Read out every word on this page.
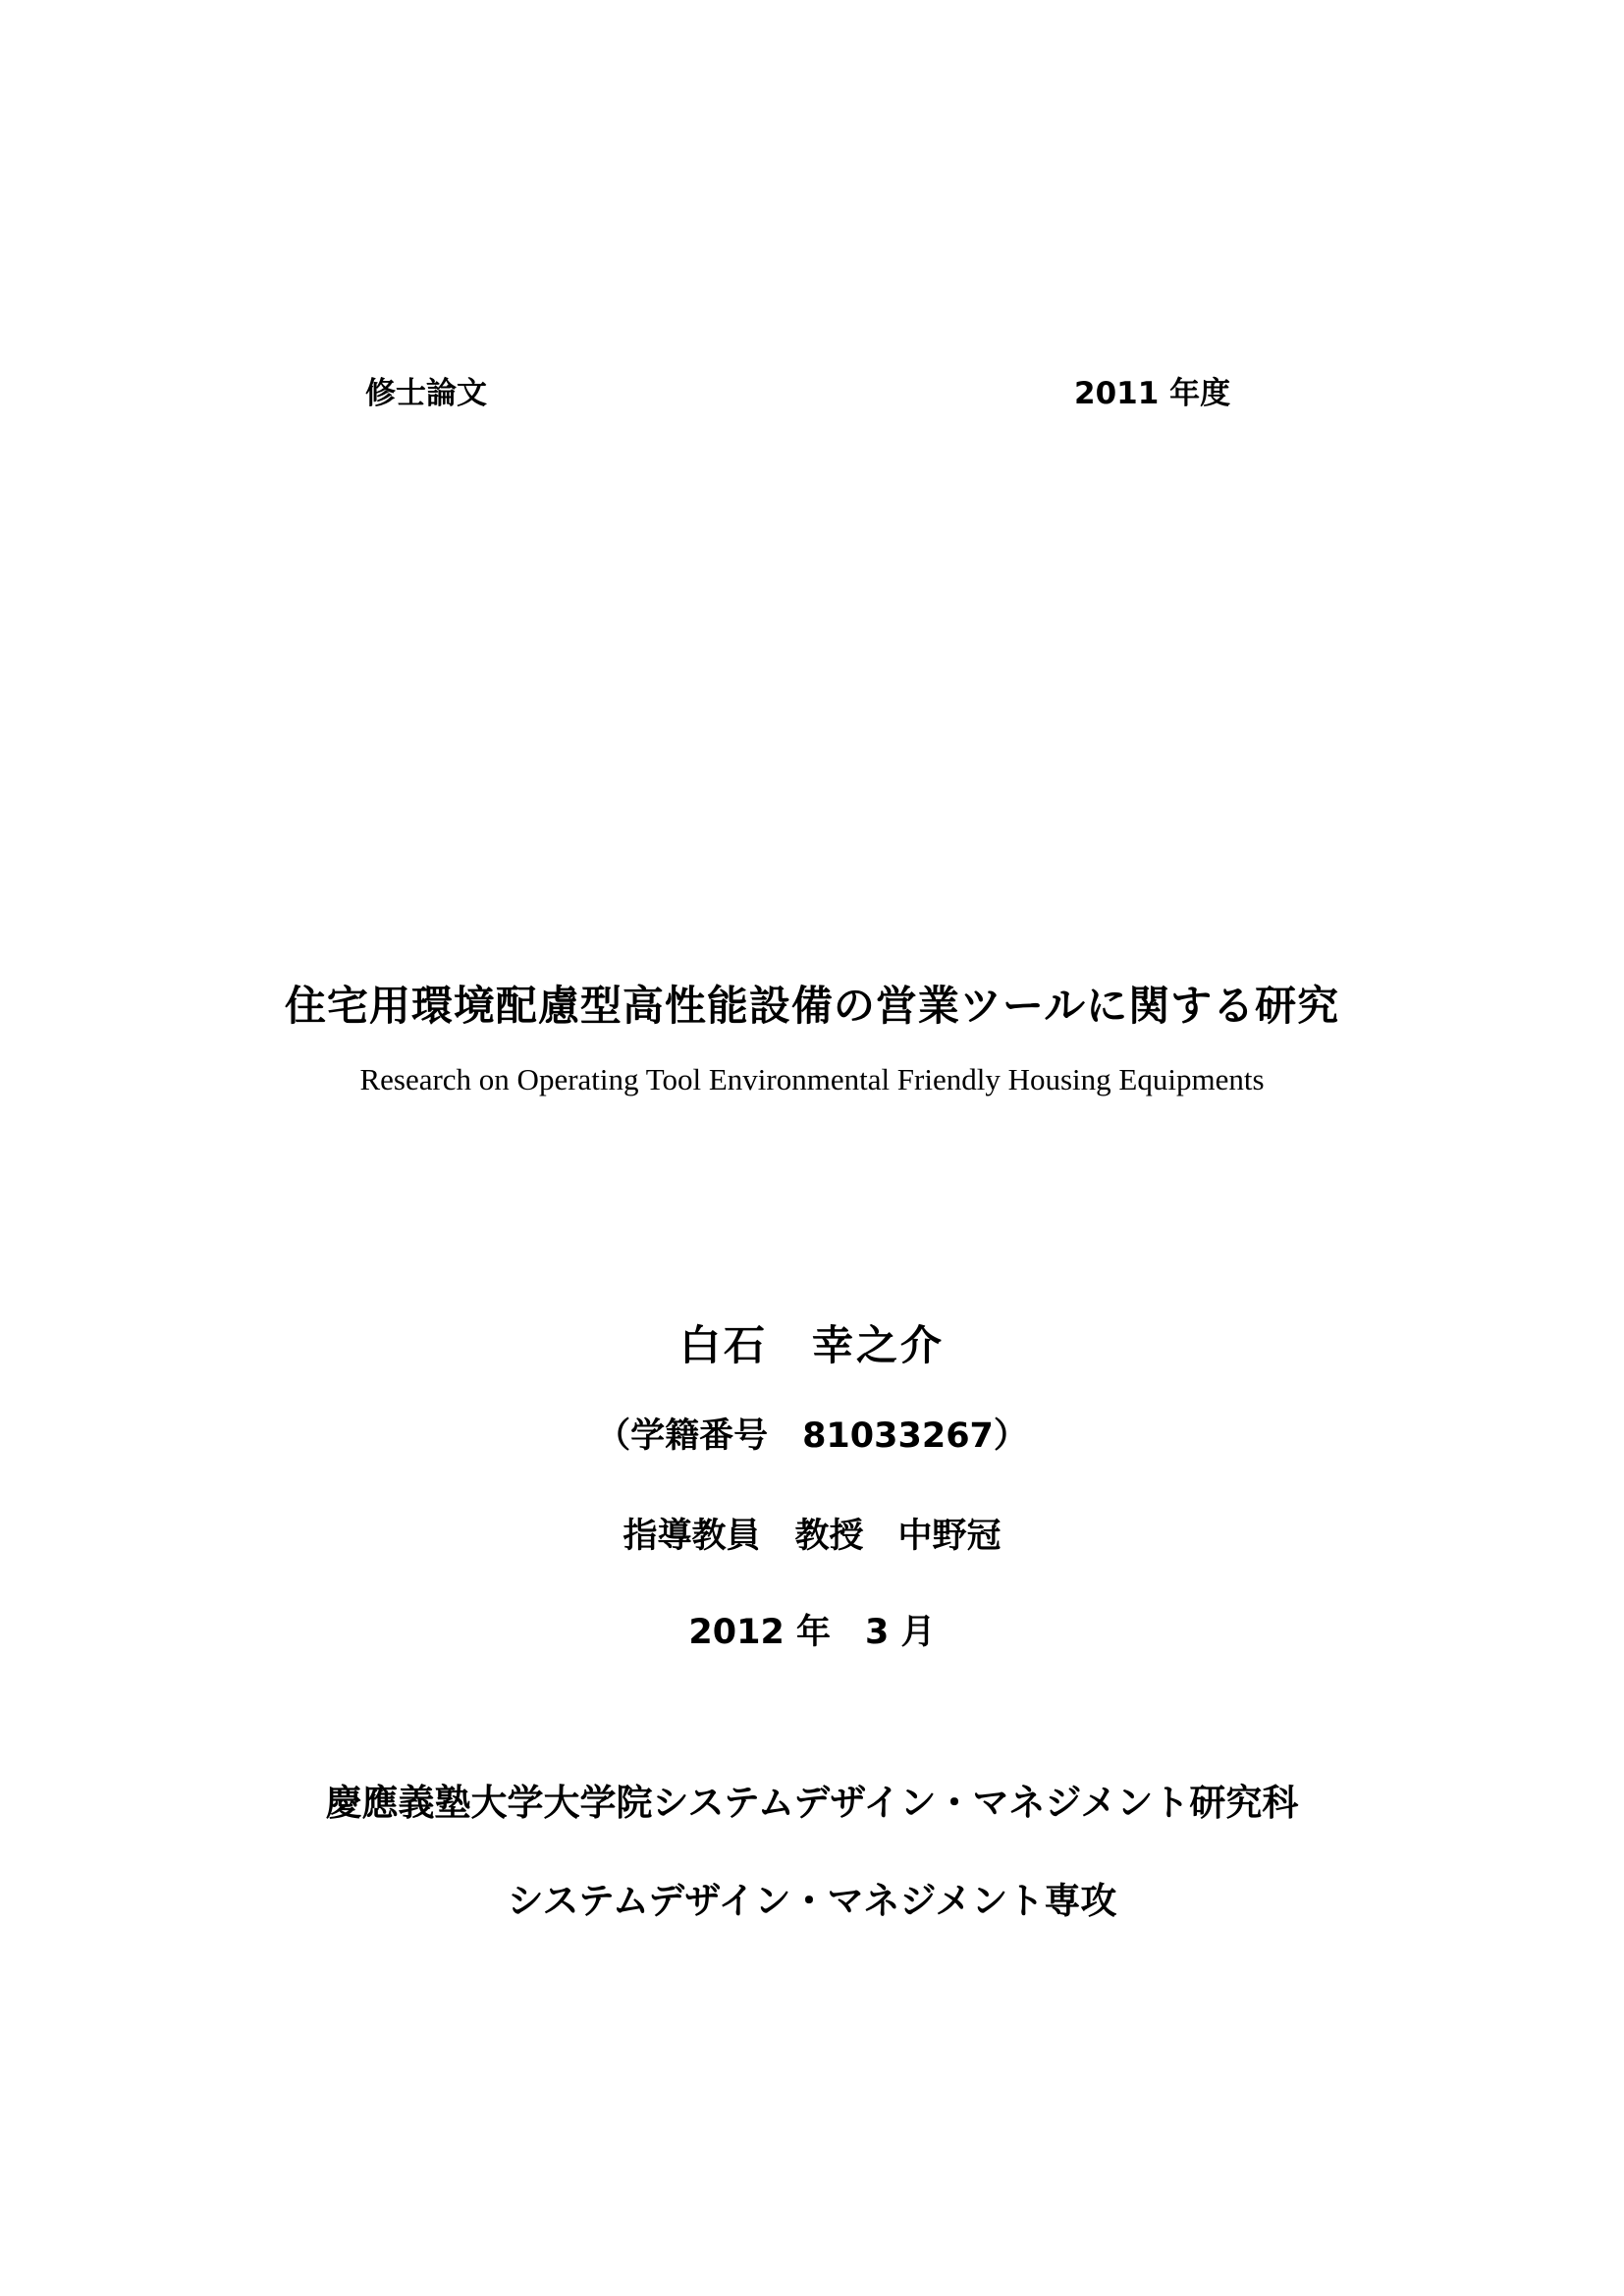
修士論文	2011 年度
住宅用環境配慮型高性能設備の営業ツールに関する研究
Research on Operating Tool Environmental Friendly Housing Equipments
白石　幸之介
（学籍番号　81033267）
指導教員　教授　中野冠
2012 年　3 月
慶應義塾大学大学院システムデザイン・マネジメント研究科
システムデザイン・マネジメント専攻
